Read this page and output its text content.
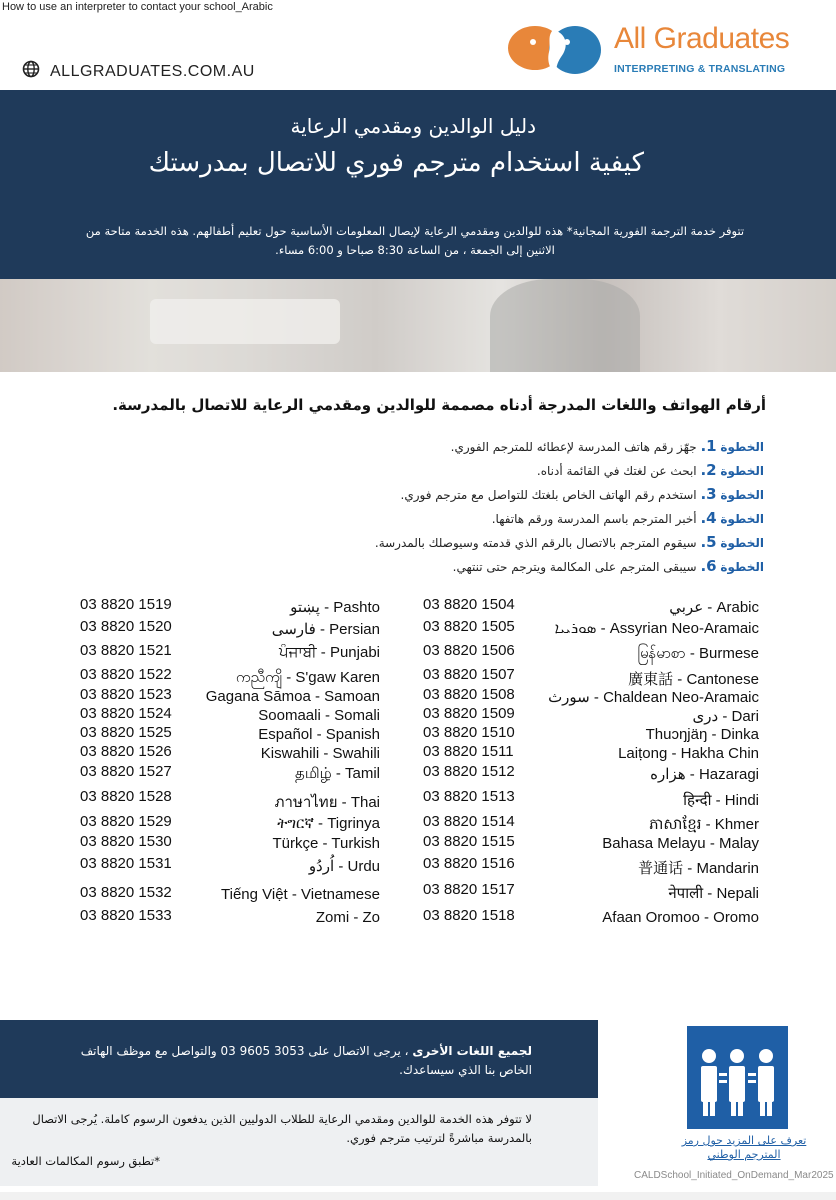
How to use an interpreter to contact your school_Arabic
ALLGRADUATES.COM.AU
All Graduates
INTERPRETING & TRANSLATING
دليل الوالدين ومقدمي الرعاية
كيفية استخدام مترجم فوري للاتصال بمدرستك
تتوفر خدمة الترجمة الفورية المجانية* هذه للوالدين ومقدمي الرعاية لإيصال المعلومات الأساسية حول تعليم أطفالهم. هذه الخدمة متاحة من الاثنين إلى الجمعة ، من الساعة 8:30 صباحا و 6:00 مساء.
أرقام الهواتف واللغات المدرجة أدناه مصممة للوالدين ومقدمي الرعاية للاتصال بالمدرسة.
الخطوة 1. جهّز رقم هاتف المدرسة لإعطائه للمترجم الفوري.
الخطوة 2. ابحث عن لغتك في القائمة أدناه.
الخطوة 3. استخدم رقم الهاتف الخاص بلغتك للتواصل مع مترجم فوري.
الخطوة 4. أخبر المترجم باسم المدرسة ورقم هاتفها.
الخطوة 5. سيقوم المترجم بالاتصال بالرقم الذي قدمته وسيوصلك بالمدرسة.
الخطوة 6. سيبقى المترجم على المكالمة ويترجم حتى تنتهي.
عربي - Arabic
03 8820 1504
ܣܘܪܝܝܐ - Assyrian Neo-Aramaic
03 8820 1505
မြန်မာစာ - Burmese
03 8820 1506
廣東話 - Cantonese
03 8820 1507
سورث - Chaldean Neo-Aramaic
03 8820 1508
دری - Dari
03 8820 1509
Thuɔŋjäŋ - Dinka
03 8820 1510
Laiṭong - Hakha Chin
03 8820 1511
هزاره - Hazaragi
03 8820 1512
हिन्दी - Hindi
03 8820 1513
ភាសាខ្មែរ - Khmer
03 8820 1514
Bahasa Melayu - Malay
03 8820 1515
普通话 - Mandarin
03 8820 1516
नेपाली - Nepali
03 8820 1517
Afaan Oromoo - Oromo
03 8820 1518
پښتو - Pashto
03 8820 1519
فارسی - Persian
03 8820 1520
ਪੰਜਾਬੀ - Punjabi
03 8820 1521
ကညီကျိ - S'gaw Karen
03 8820 1522
Gagana Sāmoa - Samoan
03 8820 1523
Soomaali - Somali
03 8820 1524
Español - Spanish
03 8820 1525
Kiswahili - Swahili
03 8820 1526
தமிழ் - Tamil
03 8820 1527
ภาษาไทย - Thai
03 8820 1528
ትግርኛ - Tigrinya
03 8820 1529
Türkçe - Turkish
03 8820 1530
اُردُو - Urdu
03 8820 1531
Tiếng Việt - Vietnamese
03 8820 1532
Zomi - Zo
03 8820 1533
لجميع اللغات الأخرى ، يرجى الاتصال على 3053 9605 03 والتواصل مع موظف الهاتف الخاص بنا الذي سيساعدك.
لا تتوفر هذه الخدمة للوالدين ومقدمي الرعاية للطلاب الدوليين الذين يدفعون الرسوم كاملة. يُرجى الاتصال بالمدرسة مباشرةً لترتيب مترجم فوري.
*تطبق رسوم المكالمات العادية
تعرف على المزيد حول رمز المترجم الوطني
CALDSchool_Initiated_OnDemand_Mar2025
